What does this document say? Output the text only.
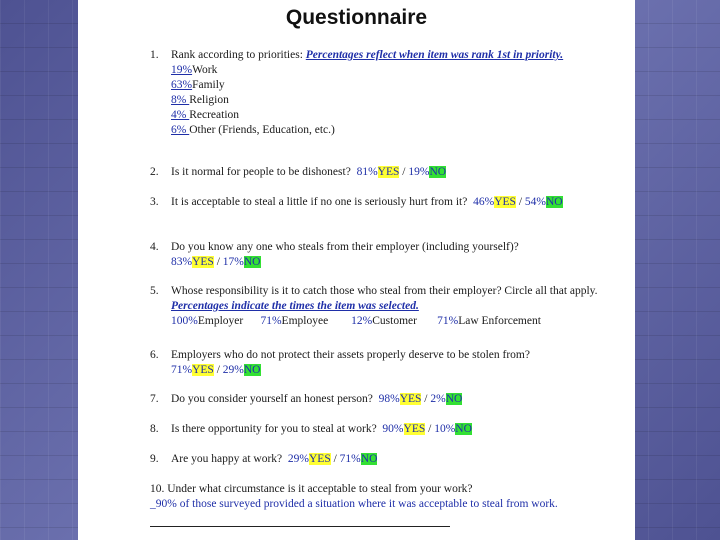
Questionnaire
1.	Rank according to priorities: Percentages reflect when item was rank 1st in priority.
19%Work
63%Family
8% Religion
4% Recreation
6% Other (Friends, Education, etc.)
2.	Is it normal for people to be dishonest? 81%YES / 19%NO
3.	It is acceptable to steal a little if no one is seriously hurt from it? 46%YES / 54%NO
4.	Do you know any one who steals from their employer (including yourself)?
83%YES / 17%NO
5.	Whose responsibility is it to catch those who steal from their employer? Circle all that apply. Percentages indicate the times the item was selected.
100%Employer 71%Employee 12%Customer 71%Law Enforcement
6.	Employers who do not protect their assets properly deserve to be stolen from?
71%YES / 29%NO
7.	Do you consider yourself an honest person? 98%YES / 2%NO
8.	Is there opportunity for you to steal at work? 90%YES / 10%NO
9.	Are you happy at work? 29%YES / 71%NO
10. Under what circumstance is it acceptable to steal from your work?
_90% of those surveyed provided a situation where it was acceptable to steal from work.
